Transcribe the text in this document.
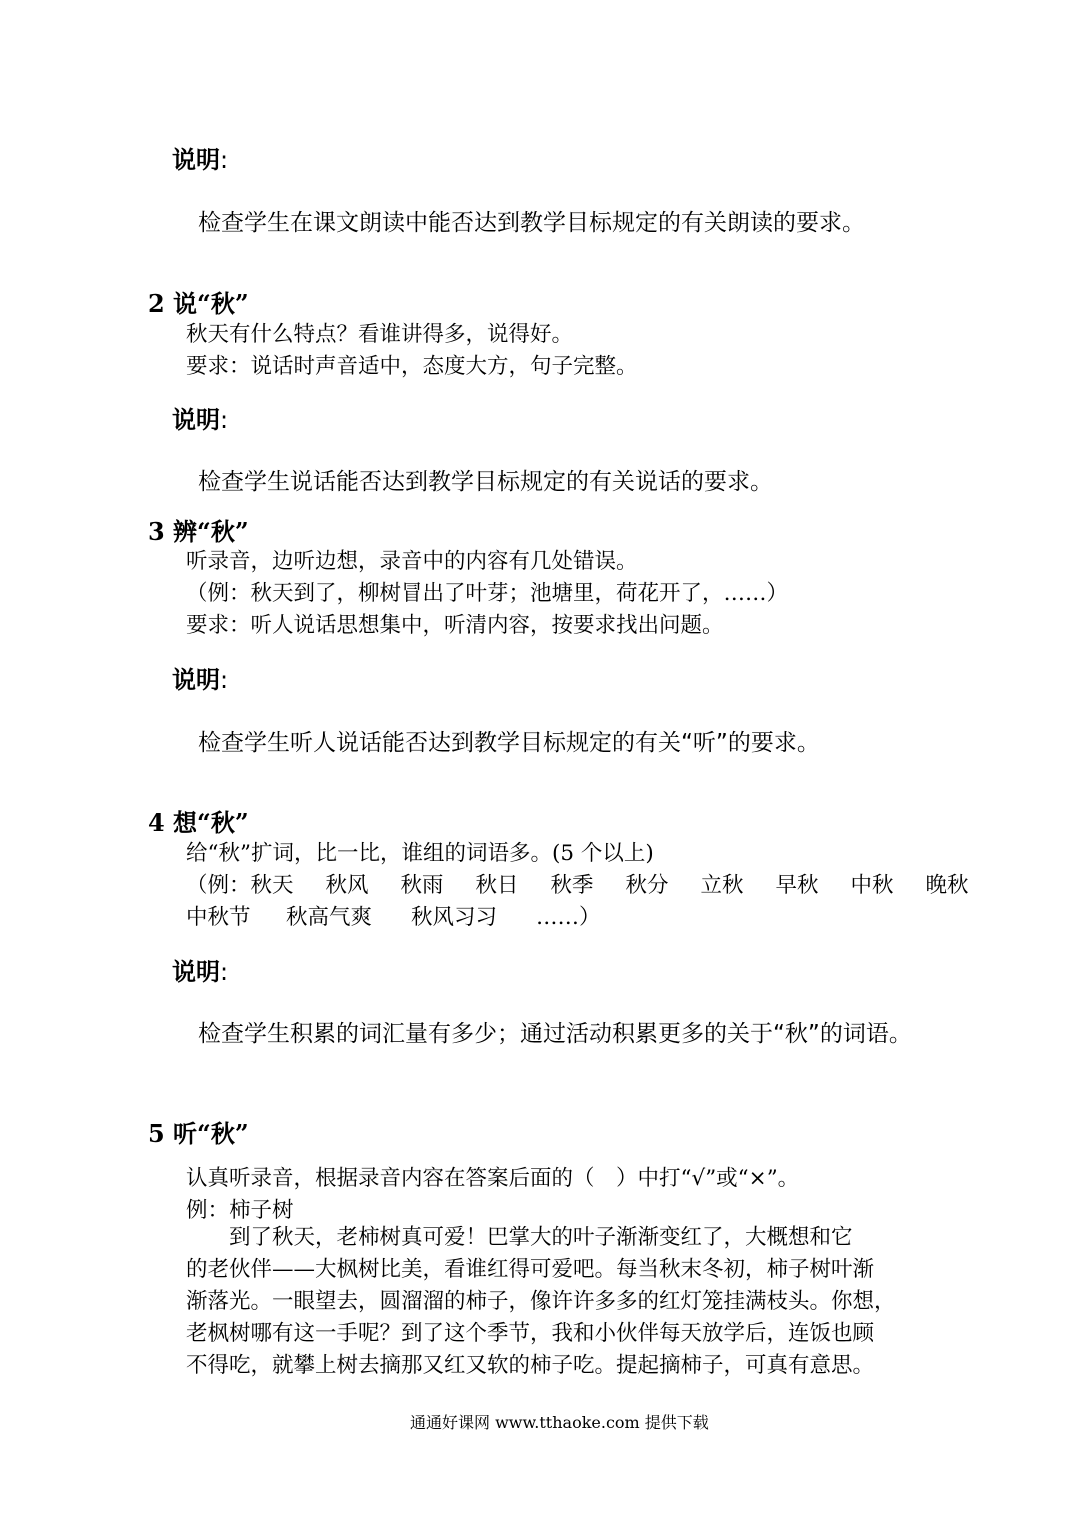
说明:
检查学生在课文朗读中能否达到教学目标规定的有关朗读的要求。
2 说“秋”
秋天有什么特点？看谁讲得多，说得好。
要求：说话时声音适中，态度大方，句子完整。
说明:
检查学生说话能否达到教学目标规定的有关说话的要求。
3 辨“秋”
听录音，边听边想，录音中的内容有几处错误。
（例：秋天到了，柳树冒出了叶芽；池塘里，荷花开了，……）
要求：听人说话思想集中，听清内容，按要求找出问题。
说明:
检查学生听人说话能否达到教学目标规定的有关“听”的要求。
4 想“秋”
给“秋”扩词，比一比，谁组的词语多。(5 个以上)
（例：秋天 秋风 秋雨 秋日 秋季 秋分 立秋 早秋 中秋 晚秋
中秋节 秋高气爽 秋风习习 ……）
说明:
检查学生积累的词汇量有多少；通过活动积累更多的关于“秋”的词语。
5 听“秋”
认真听录音，根据录音内容在答案后面的（　）中打“√”或“×”。
例：柿子树
　　到了秋天，老柿树真可爱！巴掌大的叶子渐渐变红了，大概想和它
的老伙伴——大枫树比美，看谁红得可爱吧。每当秋末冬初，柿子树叶渐
渐落光。一眼望去，圆溜溜的柿子，像许许多多的红灯笼挂满枝头。你想，
老枫树哪有这一手呢？到了这个季节，我和小伙伴每天放学后，连饭也顾
不得吃，就攀上树去摘那又红又软的柿子吃。提起摘柿子，可真有意思。
通通好课网 www.tthaoke.com 提供下载
